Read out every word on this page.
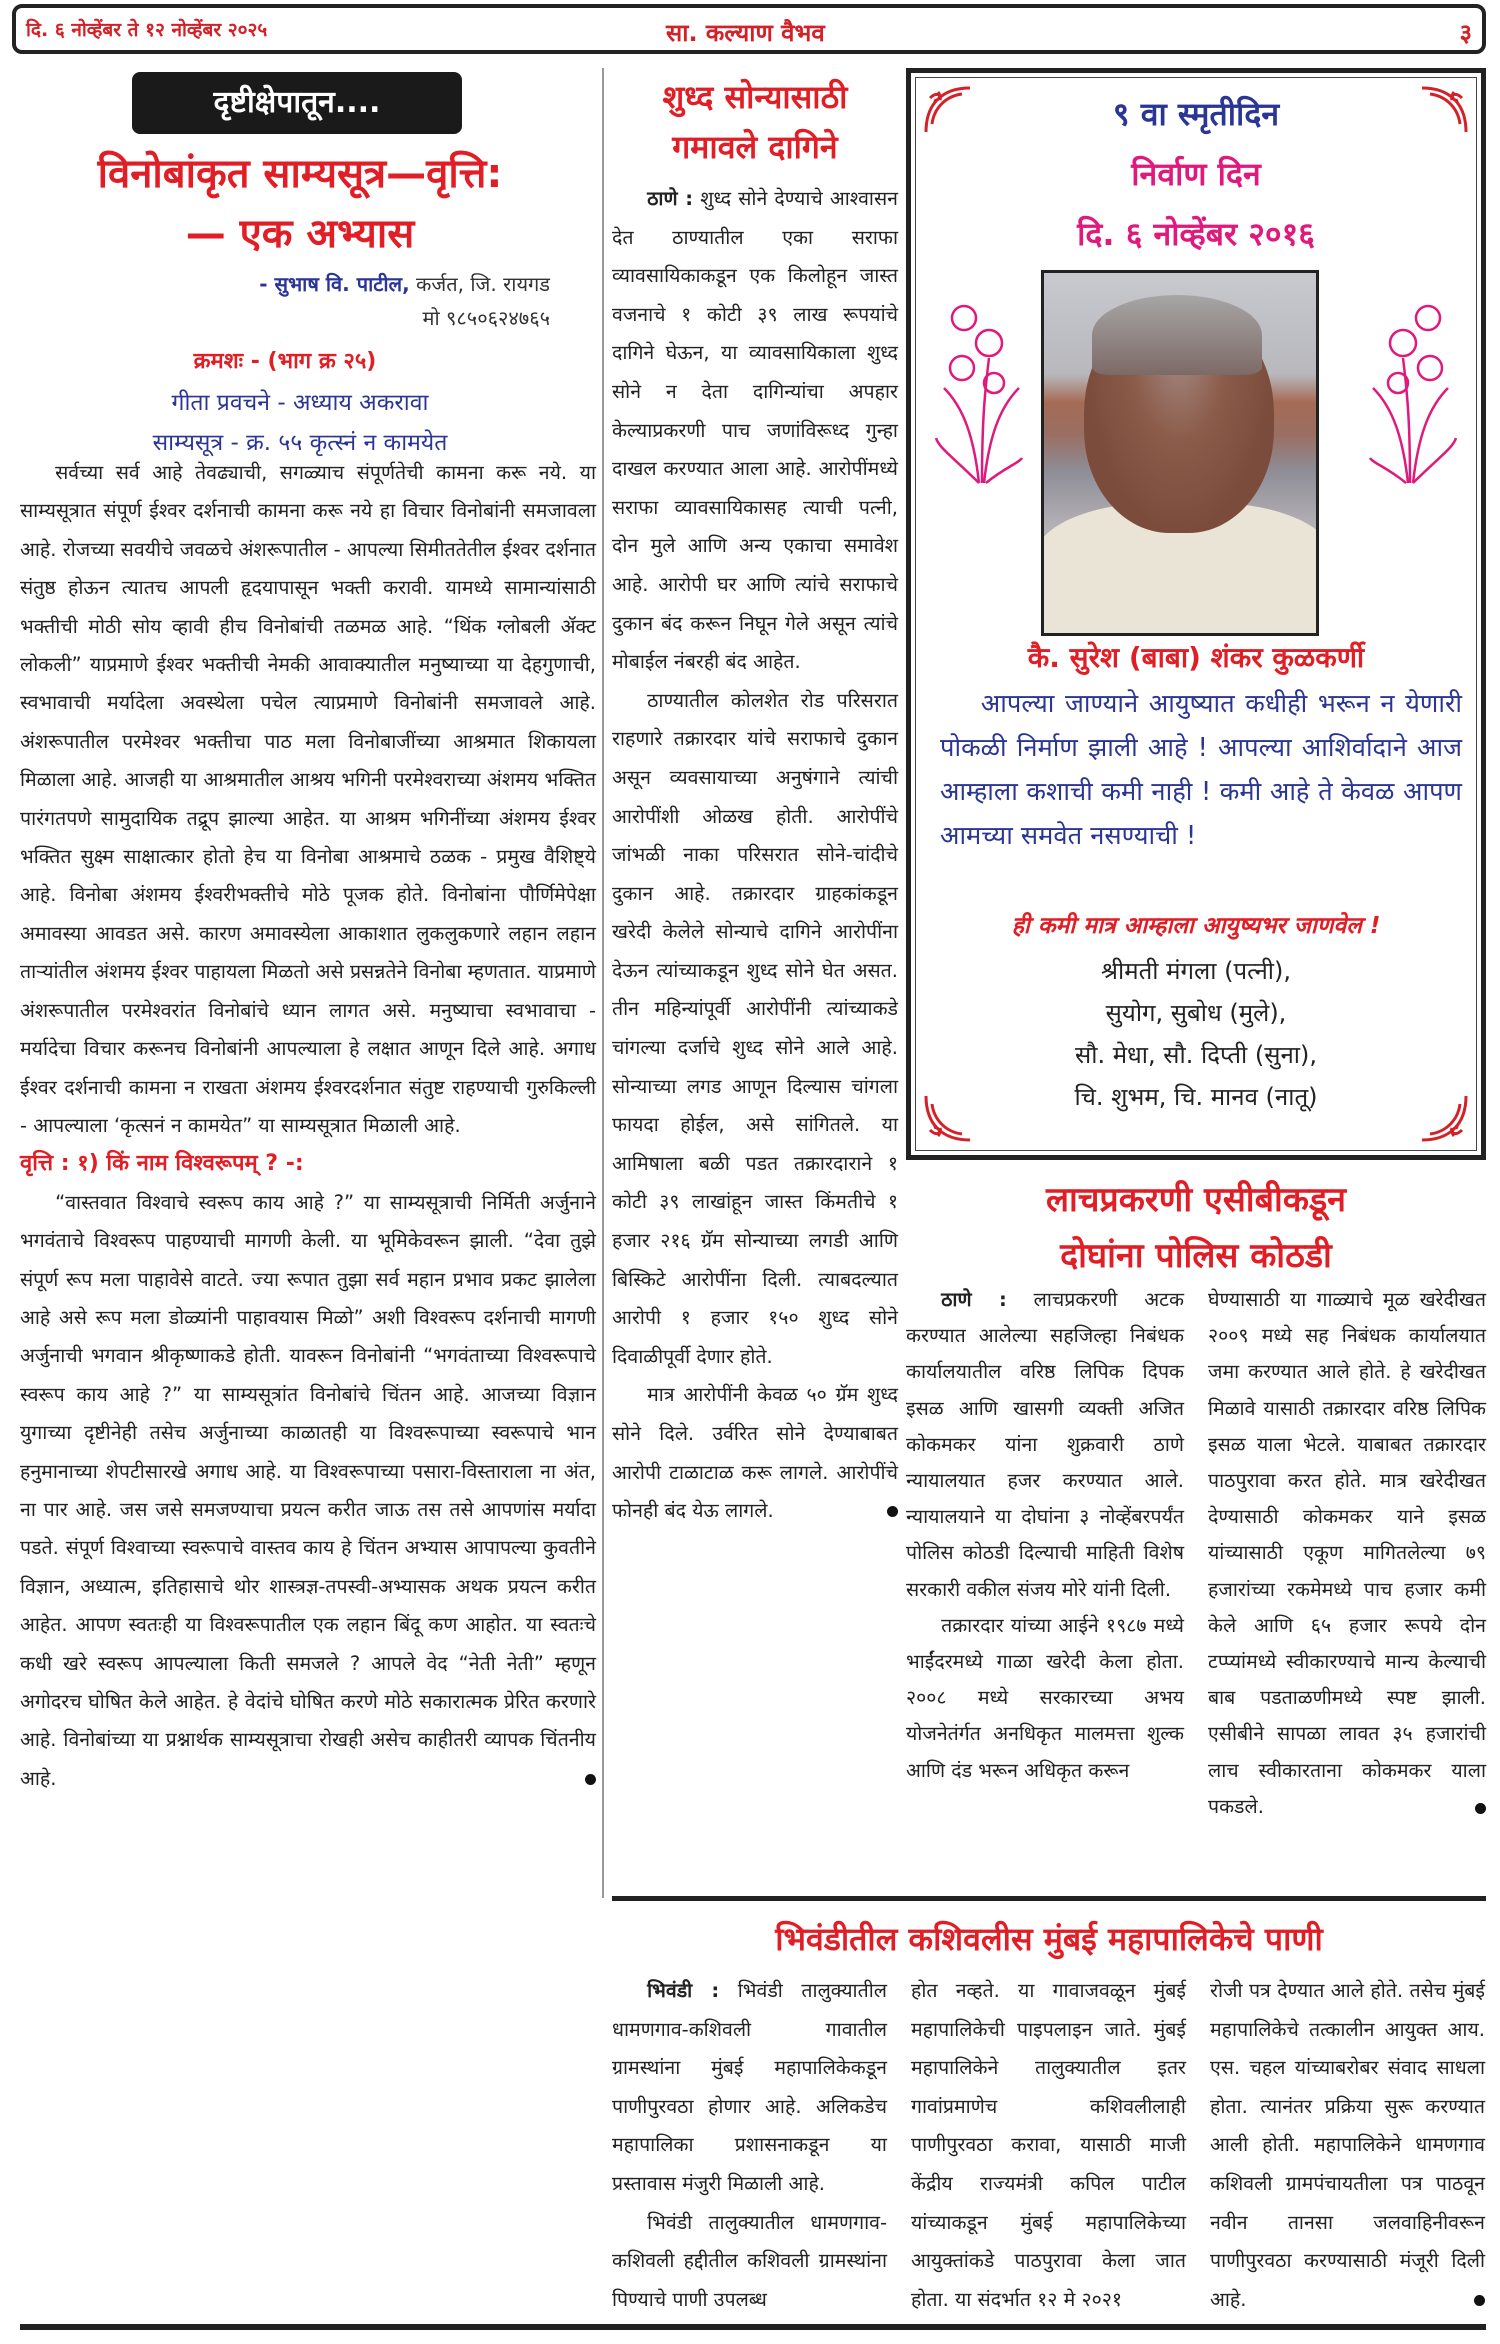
दि. ६ नोव्हेंबर ते १२ नोव्हेंबर २०२५	सा. कल्याण वैभव	३
दृष्टीक्षेपातून....
विनोबांकृत साम्यसूत्र—वृत्ति:
— एक अभ्यास
- सुभाष वि. पाटील, कर्जत, जि. रायगड
मो ९८५०६२४७६५
क्रमशः - (भाग क्र २५)
गीता प्रवचने - अध्याय अकरावा
साम्यसूत्र - क्र. ५५ कृत्स्नं न कामयेत

सर्वच्या सर्व आहे तेवढ्याची, सगळ्याच संपूर्णतेची कामना करू नये. या साम्यसूत्रात संपूर्ण ईश्वर दर्शनाची कामना करू नये हा विचार विनोबांनी समजावला आहे. रोजच्या सवयीचे जवळचे अंशरूपातील - आपल्या सिमीततेतील ईश्वर दर्शनात संतुष्ठ होऊन त्यातच आपली हृदयापासून भक्ती करावी. यामध्ये सामान्यांसाठी भक्तीची मोठी सोय व्हावी हीच विनोबांची तळमळ आहे. “थिंक ग्लोबली ॲक्ट लोकली” याप्रमाणे ईश्वर भक्तीची नेमकी आवाक्यातील मनुष्याच्या या देहगुणाची, स्वभावाची मर्यादेला अवस्थेला पचेल त्याप्रमाणे विनोबांनी समजावले आहे. अंशरूपातील परमेश्वर भक्तीचा पाठ मला विनोबाजींच्या आश्रमात शिकायला मिळाला आहे. आजही या आश्रमातील आश्रय भगिनी परमेश्वराच्या अंशमय भक्तित पारंगतपणे सामुदायिक तद्रूप झाल्या आहेत. या आश्रम भगिनींच्या अंशमय ईश्वर भक्तित सुक्ष्म साक्षात्कार होतो हेच या विनोबा आश्रमाचे ठळक - प्रमुख वैशिष्ट्ये आहे. विनोबा अंशमय ईश्वरीभक्तीचे मोठे पूजक होते. विनोबांना पौर्णिमेपेक्षा अमावस्या आवडत असे. कारण अमावस्येला आकाशात लुकलुकणारे लहान लहान ताऱ्यांतील अंशमय ईश्वर पाहायला मिळतो असे प्रसन्नतेने विनोबा म्हणतात. याप्रमाणे अंशरूपातील परमेश्वरांत विनोबांचे ध्यान लागत असे. मनुष्याचा स्वभावाचा - मर्यादेचा विचार करूनच विनोबांनी आपल्याला हे लक्षात आणून दिले आहे. अगाध ईश्वर दर्शनाची कामना न राखता अंशमय ईश्वरदर्शनात संतुष्ट राहण्याची गुरुकिल्ली - आपल्याला ‘कृत्सनं न कामयेत” या साम्यसूत्रात मिळाली आहे.

वृत्ति : १) किं नाम विश्वरूपम् ? -:

“वास्तवात विश्वाचे स्वरूप काय आहे ?” या साम्यसूत्राची निर्मिती अर्जुनाने भगवंताचे विश्वरूप पाहण्याची मागणी केली. या भूमिकेवरून झाली. “देवा तुझे संपूर्ण रूप मला पाहावेसे वाटते. ज्या रूपात तुझा सर्व महान प्रभाव प्रकट झालेला आहे असे रूप मला डोळ्यांनी पाहावयास मिळो” अशी विश्वरूप दर्शनाची मागणी अर्जुनाची भगवान श्रीकृष्णाकडे होती. यावरून विनोबांनी “भगवंताच्या विश्वरूपाचे स्वरूप काय आहे ?” या साम्यसूत्रांत विनोबांचे चिंतन आहे. आजच्या विज्ञान युगाच्या दृष्टीनेही तसेच अर्जुनाच्या काळातही या विश्वरूपाच्या स्वरूपाचे भान हनुमानाच्या शेपटीसारखे अगाध आहे. या विश्वरूपाच्या पसारा-विस्ताराला ना अंत, ना पार आहे. जस जसे समजण्याचा प्रयत्न करीत जाऊ तस तसे आपणांस मर्यादा पडते. संपूर्ण विश्वाच्या स्वरूपाचे वास्तव काय हे चिंतन अभ्यास आपापल्या कुवतीने विज्ञान, अध्यात्म, इतिहासाचे थोर शास्त्रज्ञ-तपस्वी-अभ्यासक अथक प्रयत्न करीत आहेत. आपण स्वतःही या विश्वरूपातील एक लहान बिंदू कण आहोत. या स्वतःचे कधी खरे स्वरूप आपल्याला किती समजले ? आपले वेद “नेती नेती” म्हणून अगोदरच घोषित केले आहेत. हे वेदांचे घोषित करणे मोठे सकारात्मक प्रेरित करणारे आहे. विनोबांच्या या प्रश्नार्थक साम्यसूत्राचा रोखही असेच काहीतरी व्यापक चिंतनीय आहे.

शुध्द सोन्यासाठी
गमावले दागिने

ठाणे : शुध्द सोने देण्याचे आश्वासन देत ठाण्यातील एका सराफा व्यावसायिकाकडून एक किलोहून जास्त वजनाचे १ कोटी ३९ लाख रूपयांचे दागिने घेऊन, या व्यावसायिकाला शुध्द सोने न देता दागिन्यांचा अपहार केल्याप्रकरणी पाच जणांविरूध्द गुन्हा दाखल करण्यात आला आहे. आरोपींमध्ये सराफा व्यावसायिकासह त्याची पत्नी, दोन मुले आणि अन्य एकाचा समावेश आहे. आरोपी घर आणि त्यांचे सराफाचे दुकान बंद करून निघून गेले असून त्यांचे मोबाईल नंबरही बंद आहेत.

ठाण्यातील कोलशेत रोड परिसरात राहणारे तक्रारदार यांचे सराफाचे दुकान असून व्यवसायाच्या अनुषंगाने त्यांची आरोपींशी ओळख होती. आरोपींचे जांभळी नाका परिसरात सोने-चांदीचे दुकान आहे. तक्रारदार ग्राहकांकडून खरेदी केलेले सोन्याचे दागिने आरोपींना देऊन त्यांच्याकडून शुध्द सोने घेत असत. तीन महिन्यांपूर्वी आरोपींनी त्यांच्याकडे चांगल्या दर्जाचे शुध्द सोने आले आहे. सोन्याच्या लगड आणून दिल्यास चांगला फायदा होईल, असे सांगितले. या आमिषाला बळी पडत तक्रारदाराने १ कोटी ३९ लाखांहून जास्त किंमतीचे १ हजार २१६ ग्रॅम सोन्याच्या लगडी आणि बिस्किटे आरोपींना दिली. त्याबदल्यात आरोपी १ हजार १५० शुध्द सोने दिवाळीपूर्वी देणार होते.

मात्र आरोपींनी केवळ ५० ग्रॅम शुध्द सोने दिले. उर्वरित सोने देण्याबाबत आरोपी टाळाटाळ करू लागले. आरोपींचे फोनही बंद येऊ लागले.

९ वा स्मृतीदिन
निर्वाण दिन
दि. ६ नोव्हेंबर २०१६
कै. सुरेश (बाबा) शंकर कुळकर्णी

आपल्या जाण्याने आयुष्यात कधीही भरून न येणारी पोकळी निर्माण झाली आहे ! आपल्या आशिर्वादाने आज आम्हाला कशाची कमी नाही ! कमी आहे ते केवळ आपण आमच्या समवेत नसण्याची !

ही कमी मात्र आम्हाला आयुष्यभर जाणवेल !
श्रीमती मंगला (पत्नी),
सुयोग, सुबोध (मुले),
सौ. मेधा, सौ. दिप्ती (सुना),
चि. शुभम, चि. मानव (नातू)
लाचप्रकरणी एसीबीकडून
दोघांना पोलिस कोठडी

ठाणे : लाचप्रकरणी अटक करण्यात आलेल्या सहजिल्हा निबंधक कार्यालयातील वरिष्ठ लिपिक दिपक इसळ आणि खासगी व्यक्ती अजित कोकमकर यांना शुक्रवारी ठाणे न्यायालयात हजर करण्यात आले. न्यायालयाने या दोघांना ३ नोव्हेंबरपर्यंत पोलिस कोठडी दिल्याची माहिती विशेष सरकारी वकील संजय मोरे यांनी दिली.

तक्रारदार यांच्या आईने १९८७ मध्ये भाईंदरमध्ये गाळा खरेदी केला होता. २००८ मध्ये सरकारच्या अभय योजनेतंर्गत अनधिकृत मालमत्ता शुल्क आणि दंड भरून अधिकृत करून

घेण्यासाठी या गाळ्याचे मूळ खरेदीखत २००९ मध्ये सह निबंधक कार्यालयात जमा करण्यात आले होते. हे खरेदीखत मिळावे यासाठी तक्रारदार वरिष्ठ लिपिक इसळ याला भेटले. याबाबत तक्रारदार पाठपुरावा करत होते. मात्र खरेदीखत देण्यासाठी कोकमकर याने इसळ यांच्यासाठी एकूण मागितलेल्या ७९ हजारांच्या रकमेमध्ये पाच हजार कमी केले आणि ६५ हजार रूपये दोन टप्प्यांमध्ये स्वीकारण्याचे मान्य केल्याची बाब पडताळणीमध्ये स्पष्ट झाली. एसीबीने सापळा लावत ३५ हजारांची लाच स्वीकारताना कोकमकर याला पकडले.

भिवंडीतील कशिवलीस मुंबई महापालिकेचे पाणी

भिवंडी : भिवंडी तालुक्यातील धामणगाव-कशिवली गावातील ग्रामस्थांना मुंबई महापालिकेकडून पाणीपुरवठा होणार आहे. अलिकडेच महापालिका प्रशासनाकडून या प्रस्तावास मंजुरी मिळाली आहे.

भिवंडी तालुक्यातील धामणगाव-कशिवली हद्दीतील कशिवली ग्रामस्थांना पिण्याचे पाणी उपलब्ध

होत नव्हते. या गावाजवळून मुंबई महापालिकेची पाइपलाइन जाते. मुंबई महापालिकेने तालुक्यातील इतर गावांप्रमाणेच कशिवलीलाही पाणीपुरवठा करावा, यासाठी माजी केंद्रीय राज्यमंत्री कपिल पाटील यांच्याकडून मुंबई महापालिकेच्या आयुक्तांकडे पाठपुरावा केला जात होता. या संदर्भात १२ मे २०२१

रोजी पत्र देण्यात आले होते. तसेच मुंबई महापालिकेचे तत्कालीन आयुक्त आय. एस. चहल यांच्याबरोबर संवाद साधला होता. त्यानंतर प्रक्रिया सुरू करण्यात आली होती. महापालिकेने धामणगाव कशिवली ग्रामपंचायतीला पत्र पाठवून नवीन तानसा जलवाहिनीवरून पाणीपुरवठा करण्यासाठी मंजूरी दिली आहे.
